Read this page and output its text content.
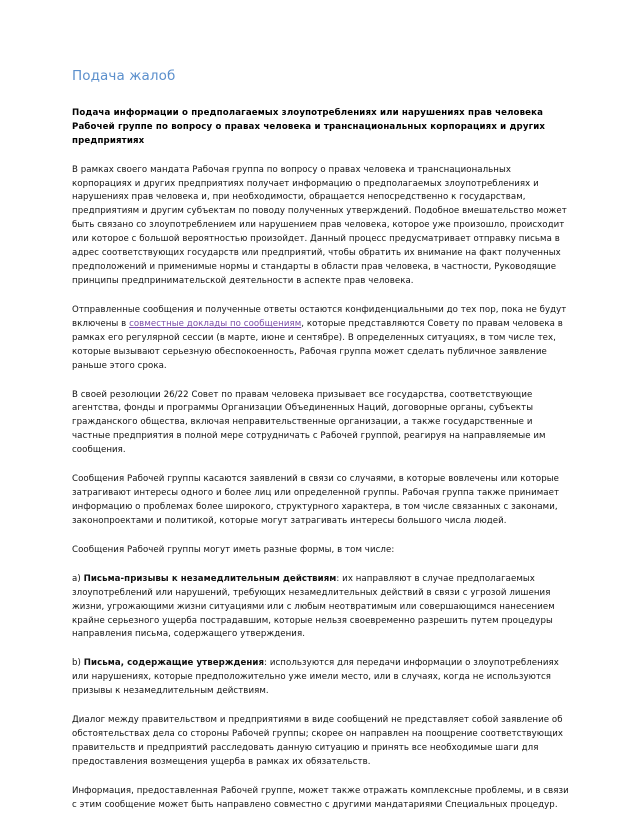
Подача жалоб

Подача информации о предполагаемых злоупотреблениях или нарушениях прав человека Рабочей группе по вопросу о правах человека и транснациональных корпорациях и других предприятиях

В рамках своего мандата Рабочая группа по вопросу о правах человека и транснациональных корпорациях и других предприятиях получает информацию о предполагаемых злоупотреблениях и нарушениях прав человека и, при необходимости, обращается непосредственно к государствам, предприятиям и другим субъектам по поводу полученных утверждений. Подобное вмешательство может быть связано со злоупотреблением или нарушением прав человека, которое уже произошло, происходит или которое с большой вероятностью произойдет. Данный процесс предусматривает отправку письма в адрес соответствующих государств или предприятий, чтобы обратить их внимание на факт полученных предположений и применимые нормы и стандарты в области прав человека, в частности, Руководящие принципы предпринимательской деятельности в аспекте прав человека.

Отправленные сообщения и полученные ответы остаются конфиденциальными до тех пор, пока не будут включены в совместные доклады по сообщениям, которые представляются Совету по правам человека в рамках его регулярной сессии (в марте, июне и сентябре). В определенных ситуациях, в том числе тех, которые вызывают серьезную обеспокоенность, Рабочая группа может сделать публичное заявление раньше этого срока.

В своей резолюции 26/22 Совет по правам человека призывает все государства, соответствующие агентства, фонды и программы Организации Объединенных Наций, договорные органы, субъекты гражданского общества, включая неправительственные организации, а также государственные и частные предприятия в полной мере сотрудничать с Рабочей группой, реагируя на направляемые им сообщения.

Сообщения Рабочей группы касаются заявлений в связи со случаями, в которые вовлечены или которые затрагивают интересы одного и более лиц или определенной группы. Рабочая группа также принимает информацию о проблемах более широкого, структурного характера, в том числе связанных с законами, законопроектами и политикой, которые могут затрагивать интересы большого числа людей.

Сообщения Рабочей группы могут иметь разные формы, в том числе:

а) Письма-призывы к незамедлительным действиям: их направляют в случае предполагаемых злоупотреблений или нарушений, требующих незамедлительных действий в связи с угрозой лишения жизни, угрожающими жизни ситуациями или с любым неотвратимым или совершающимся нанесением крайне серьезного ущерба пострадавшим, которые нельзя своевременно разрешить путем процедуры направления письма, содержащего утверждения.

b) Письма, содержащие утверждения: используются для передачи информации о злоупотреблениях или нарушениях, которые предположительно уже имели место, или в случаях, когда не используются призывы к незамедлительным действиям.

Диалог между правительством и предприятиями в виде сообщений не представляет собой заявление об обстоятельствах дела со стороны Рабочей группы; скорее он направлен на поощрение соответствующих правительств и предприятий расследовать данную ситуацию и принять все необходимые шаги для предоставления возмещения ущерба в рамках их обязательств.

Информация, предоставленная Рабочей группе, может также отражать комплексные проблемы, и в связи с этим сообщение может быть направлено совместно с другими мандатариями Специальных процедур.
